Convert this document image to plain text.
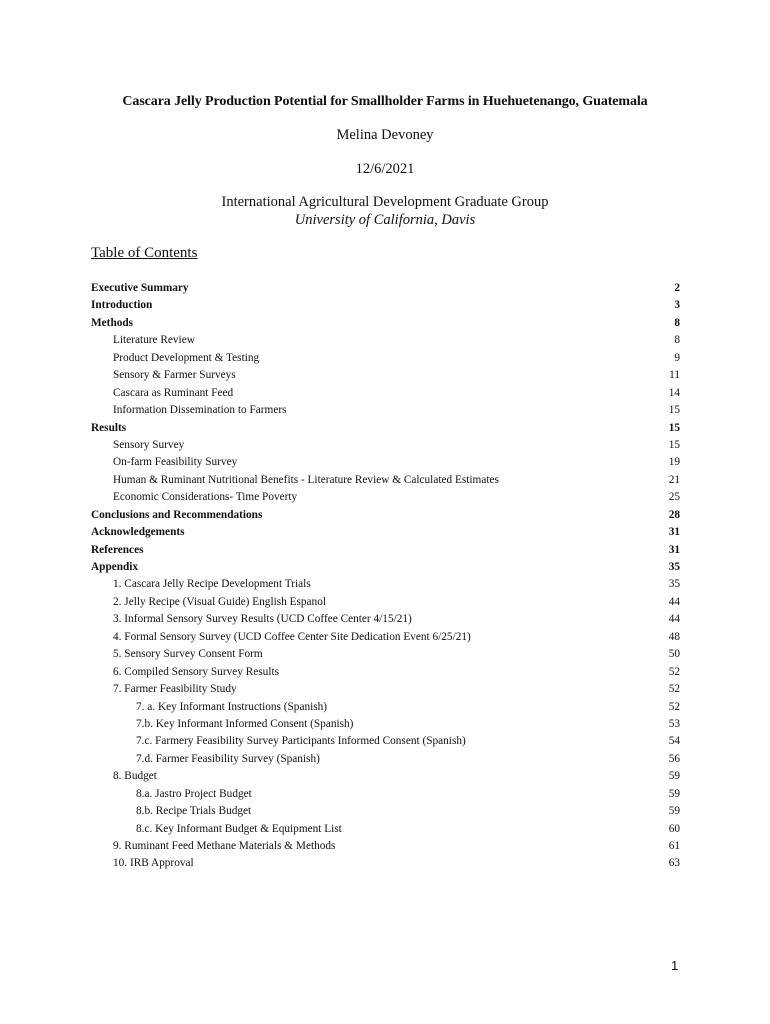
Cascara Jelly Production Potential for Smallholder Farms in Huehuetenango, Guatemala
Melina Devoney
12/6/2021
International Agricultural Development Graduate Group
University of California, Davis
Table of Contents
Executive Summary	2
Introduction	3
Methods	8
Literature Review	8
Product Development & Testing	9
Sensory & Farmer Surveys	11
Cascara as Ruminant Feed	14
Information Dissemination to Farmers	15
Results	15
Sensory Survey	15
On-farm Feasibility Survey	19
Human & Ruminant Nutritional Benefits - Literature Review & Calculated Estimates	21
Economic Considerations- Time Poverty	25
Conclusions and Recommendations	28
Acknowledgements	31
References	31
Appendix	35
1. Cascara Jelly Recipe Development Trials	35
2. Jelly Recipe (Visual Guide) English Espanol	44
3. Informal Sensory Survey Results (UCD Coffee Center 4/15/21)	44
4. Formal Sensory Survey (UCD Coffee Center Site Dedication Event 6/25/21)	48
5. Sensory Survey Consent Form	50
6. Compiled Sensory Survey Results	52
7. Farmer Feasibility Study	52
7. a. Key Informant Instructions (Spanish)	52
7.b. Key Informant Informed Consent (Spanish)	53
7.c. Farmery Feasibility Survey Participants Informed Consent (Spanish)	54
7.d. Farmer Feasibility Survey (Spanish)	56
8. Budget	59
8.a. Jastro Project Budget	59
8.b. Recipe Trials Budget	59
8.c. Key Informant Budget & Equipment List	60
9. Ruminant Feed Methane Materials & Methods	61
10. IRB Approval	63
1
